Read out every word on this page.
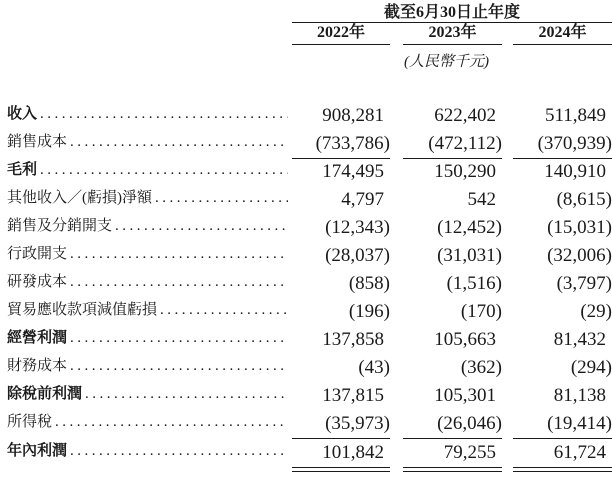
截至6月30日止年度
2022年	2023年	2024年
(人民幣千元)
收入 .....	908,281	622,402	511,849
銷售成本 .....	(733,786)	(472,112)	(370,939)
毛利 .....	174,495	150,290	140,910
其他收入／(虧損)淨額 .....	4,797	542	(8,615)
銷售及分銷開支 .....	(12,343)	(12,452)	(15,031)
行政開支 .....	(28,037)	(31,031)	(32,006)
研發成本 .....	(858)	(1,516)	(3,797)
貿易應收款項減值虧損 .....	(196)	(170)	(29)
經營利潤 .....	137,858	105,663	81,432
財務成本 .....	(43)	(362)	(294)
除稅前利潤 .....	137,815	105,301	81,138
所得稅 .....	(35,973)	(26,046)	(19,414)
年內利潤 .....	101,842	79,255	61,724
